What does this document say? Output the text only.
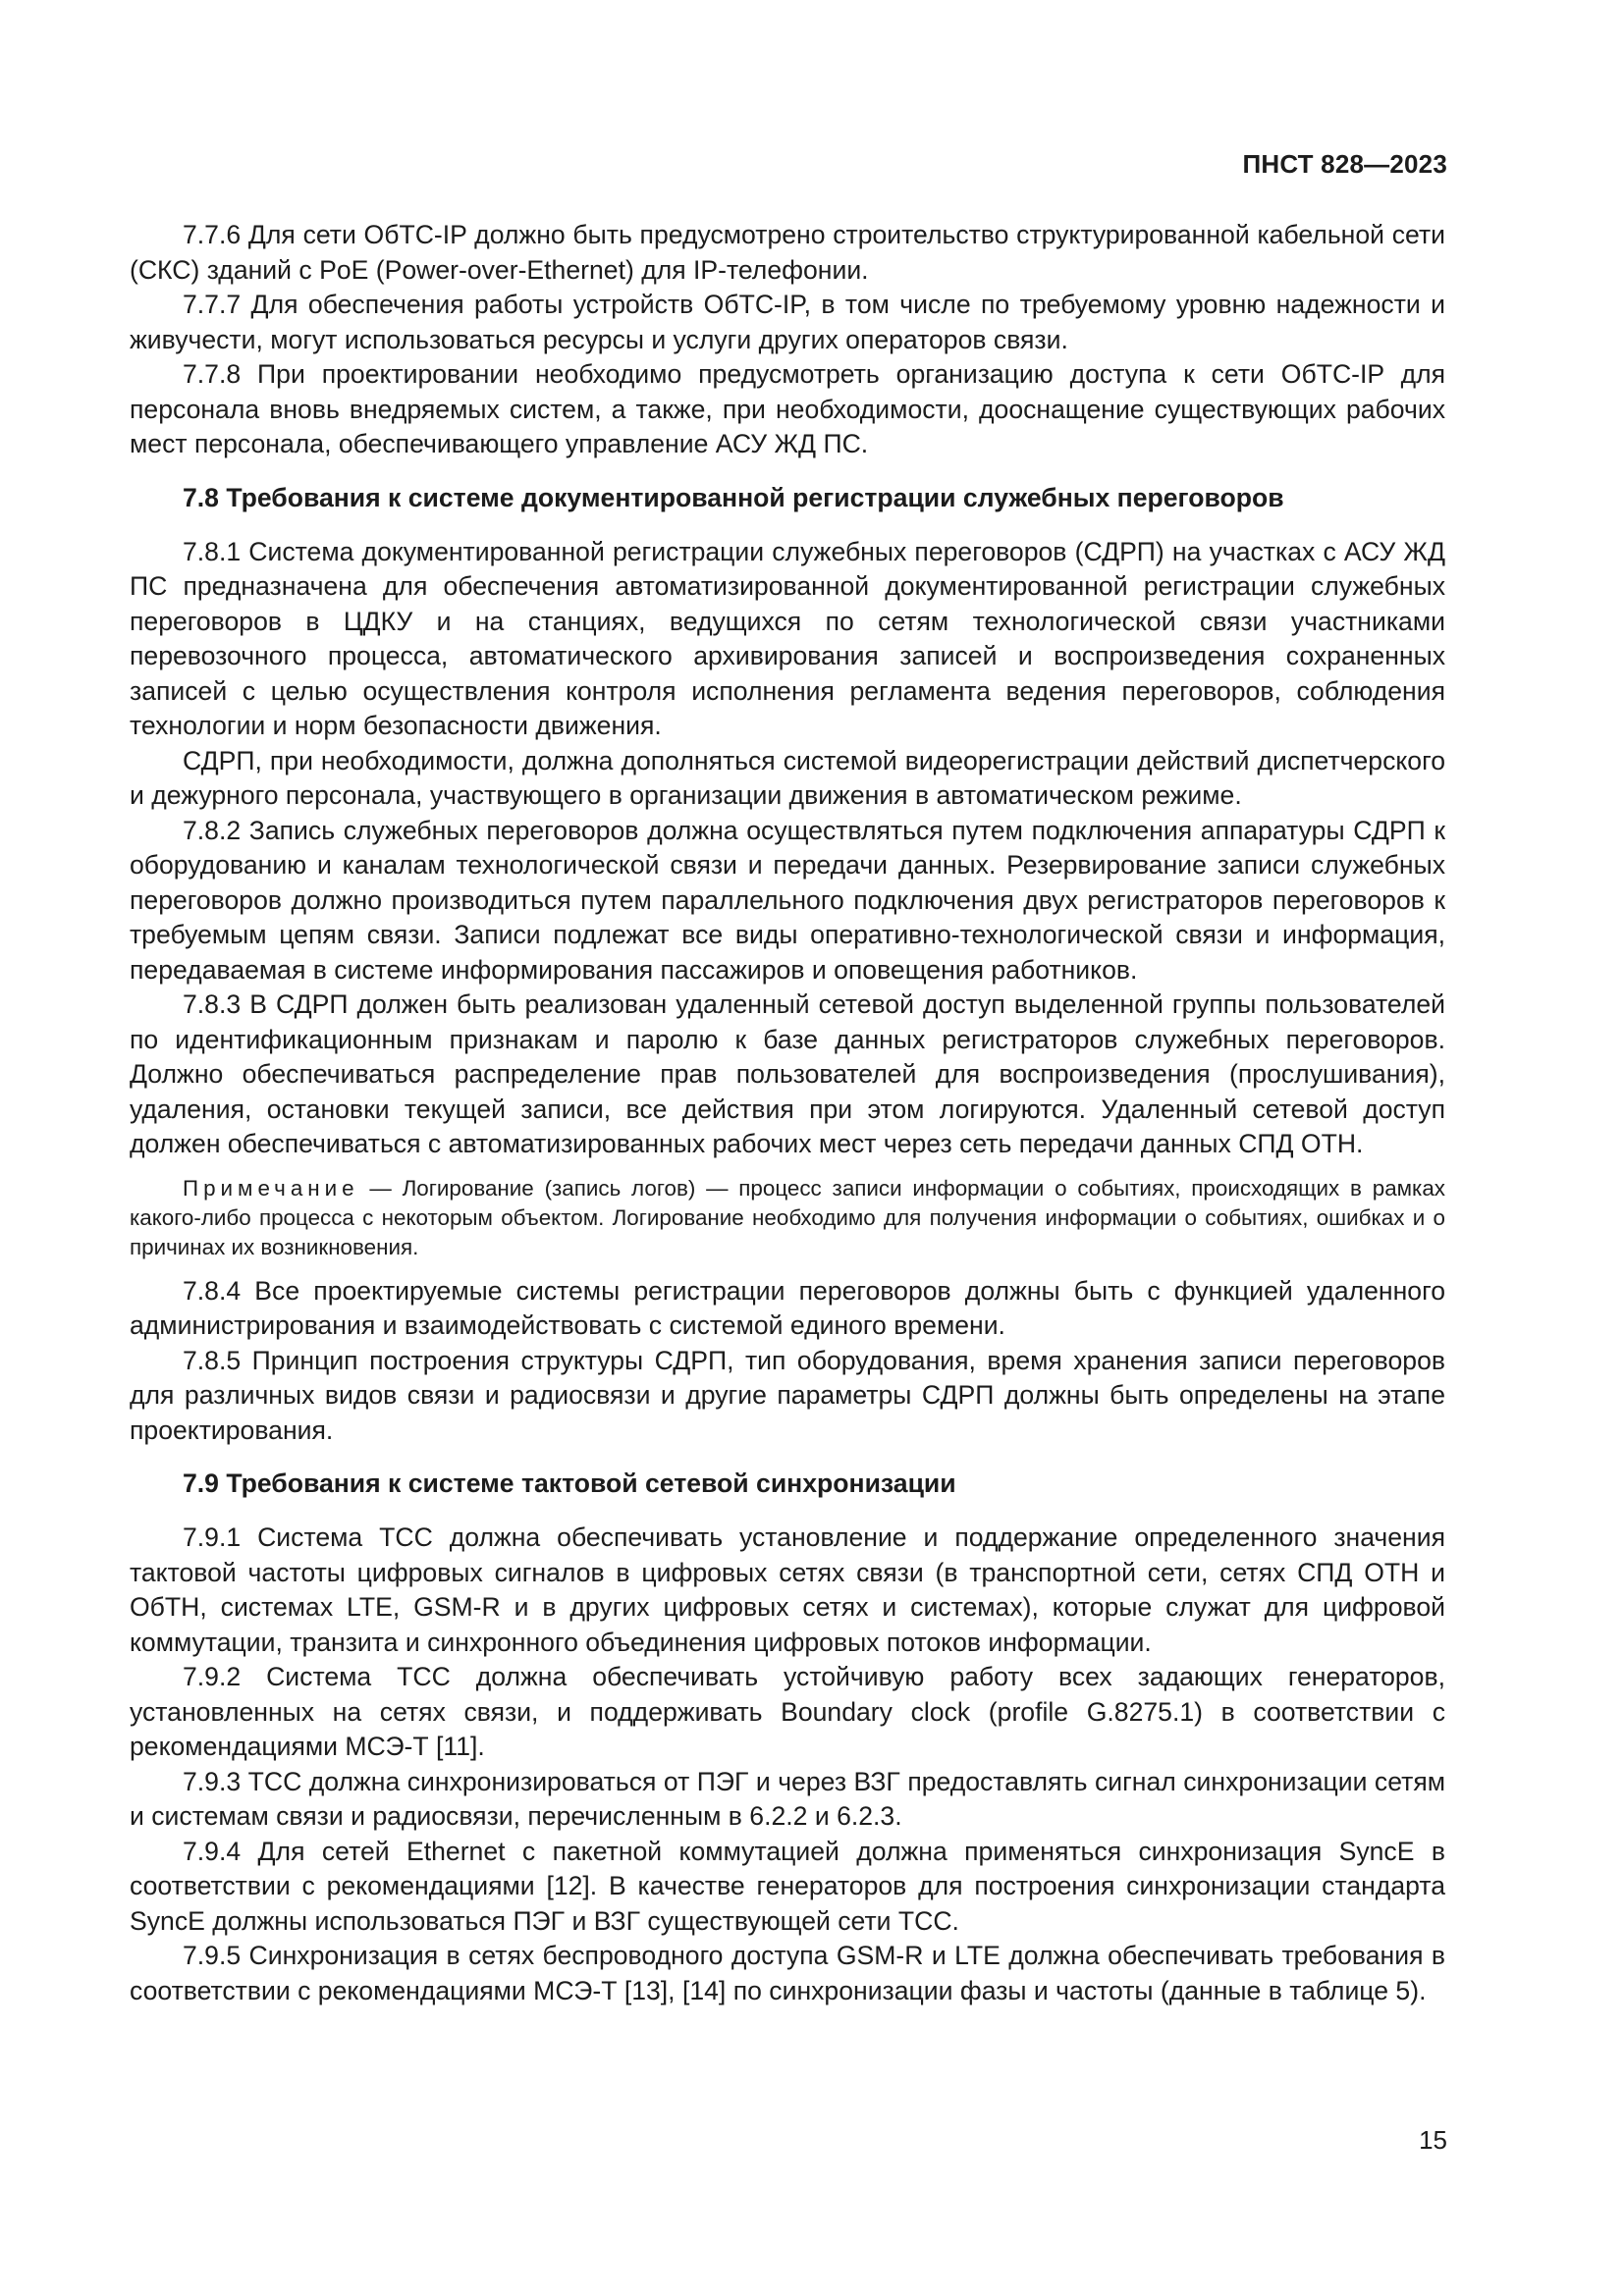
ПНСТ 828—2023

7.7.6 Для сети ОбТС-IP должно быть предусмотрено строительство структурированной кабельной сети (СКС) зданий с PoE (Power-over-Ethernet) для IP-телефонии.

7.7.7 Для обеспечения работы устройств ОбТС-IP, в том числе по требуемому уровню надежности и живучести, могут использоваться ресурсы и услуги других операторов связи.

7.7.8 При проектировании необходимо предусмотреть организацию доступа к сети ОбТС-IP для персонала вновь внедряемых систем, а также, при необходимости, дооснащение существующих рабочих мест персонала, обеспечивающего управление АСУ ЖД ПС.

7.8 Требования к системе документированной регистрации служебных переговоров

7.8.1 Система документированной регистрации служебных переговоров (СДРП) на участках с АСУ ЖД ПС предназначена для обеспечения автоматизированной документированной регистрации служебных переговоров в ЦДКУ и на станциях, ведущихся по сетям технологической связи участниками перевозочного процесса, автоматического архивирования записей и воспроизведения сохраненных записей с целью осуществления контроля исполнения регламента ведения переговоров, соблюдения технологии и норм безопасности движения.

СДРП, при необходимости, должна дополняться системой видеорегистрации действий диспетчерского и дежурного персонала, участвующего в организации движения в автоматическом режиме.

7.8.2 Запись служебных переговоров должна осуществляться путем подключения аппаратуры СДРП к оборудованию и каналам технологической связи и передачи данных. Резервирование записи служебных переговоров должно производиться путем параллельного подключения двух регистраторов переговоров к требуемым цепям связи. Записи подлежат все виды оперативно-технологической связи и информация, передаваемая в системе информирования пассажиров и оповещения работников.

7.8.3 В СДРП должен быть реализован удаленный сетевой доступ выделенной группы пользователей по идентификационным признакам и паролю к базе данных регистраторов служебных переговоров. Должно обеспечиваться распределение прав пользователей для воспроизведения (прослушивания), удаления, остановки текущей записи, все действия при этом логируются. Удаленный сетевой доступ должен обеспечиваться с автоматизированных рабочих мест через сеть передачи данных СПД ОТН.

Примечание — Логирование (запись логов) — процесс записи информации о событиях, происходящих в рамках какого-либо процесса с некоторым объектом. Логирование необходимо для получения информации о событиях, ошибках и о причинах их возникновения.

7.8.4 Все проектируемые системы регистрации переговоров должны быть с функцией удаленного администрирования и взаимодействовать с системой единого времени.

7.8.5 Принцип построения структуры СДРП, тип оборудования, время хранения записи переговоров для различных видов связи и радиосвязи и другие параметры СДРП должны быть определены на этапе проектирования.

7.9 Требования к системе тактовой сетевой синхронизации

7.9.1 Система ТСС должна обеспечивать установление и поддержание определенного значения тактовой частоты цифровых сигналов в цифровых сетях связи (в транспортной сети, сетях СПД ОТН и ОбТН, системах LTE, GSM-R и в других цифровых сетях и системах), которые служат для цифровой коммутации, транзита и синхронного объединения цифровых потоков информации.

7.9.2 Система ТСС должна обеспечивать устойчивую работу всех задающих генераторов, установленных на сетях связи, и поддерживать Boundary clock (profile G.8275.1) в соответствии с рекомендациями МСЭ-Т [11].

7.9.3 ТСС должна синхронизироваться от ПЭГ и через ВЗГ предоставлять сигнал синхронизации сетям и системам связи и радиосвязи, перечисленным в 6.2.2 и 6.2.3.

7.9.4 Для сетей Ethernet с пакетной коммутацией должна применяться синхронизация SyncE в соответствии с рекомендациями [12]. В качестве генераторов для построения синхронизации стандарта SyncE должны использоваться ПЭГ и ВЗГ существующей сети ТСС.

7.9.5 Синхронизация в сетях беспроводного доступа GSM-R и LTE должна обеспечивать требования в соответствии с рекомендациями МСЭ-Т [13], [14] по синхронизации фазы и частоты (данные в таблице 5).

15
